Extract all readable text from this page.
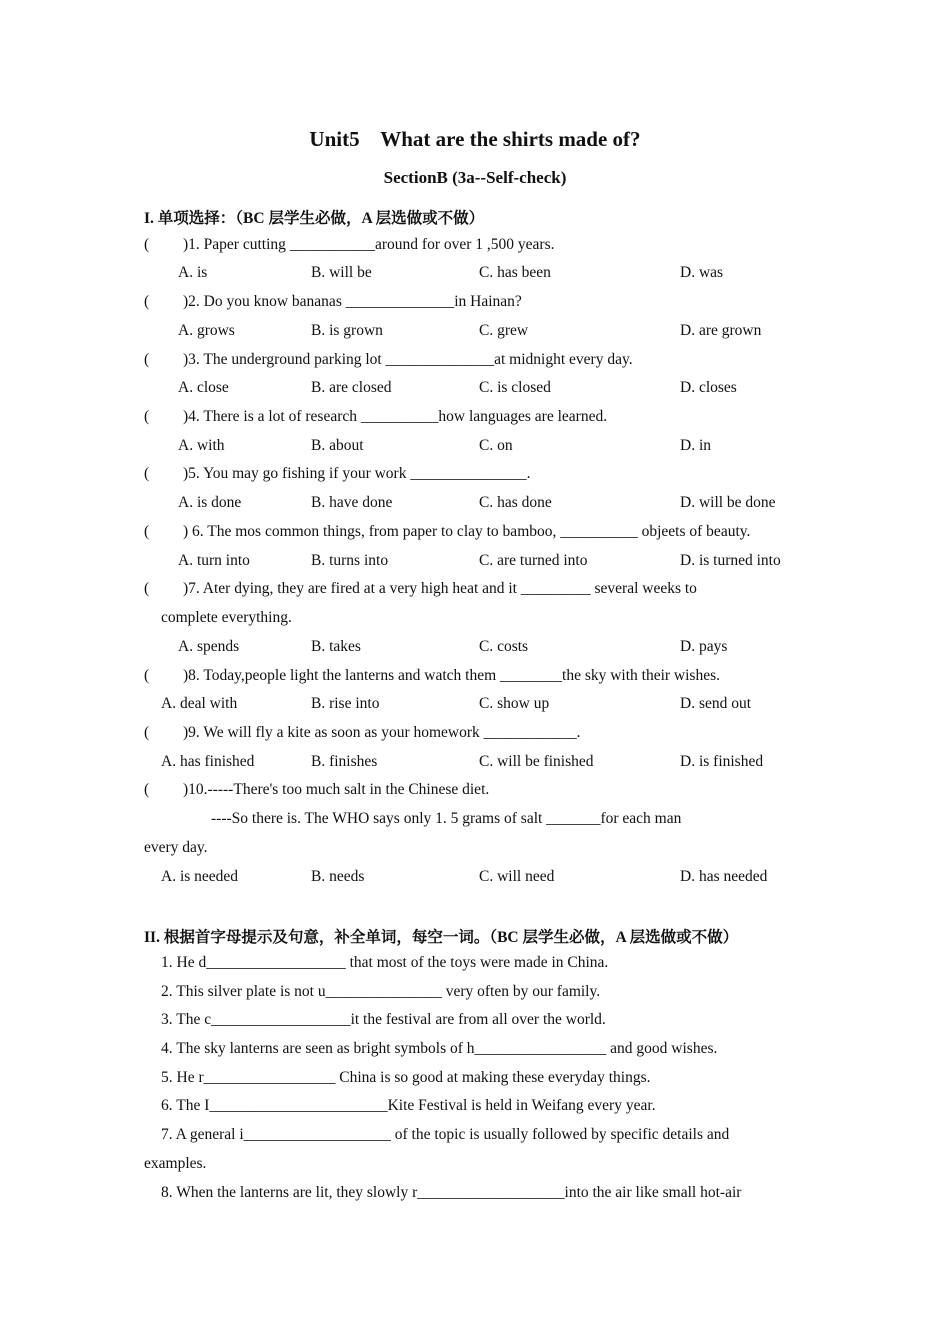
Unit5    What are the shirts made of?
SectionB (3a--Self-check)
I. 单项选择：（BC 层学生必做，A 层选做或不做）
( )1. Paper cutting ___________around for over 1 ,500 years.
A. is	B. will be	C. has been	D. was
( )2. Do you know bananas ______________in Hainan?
A. grows	B. is grown	C. grew	D. are grown
( )3. The underground parking lot ______________at midnight every day.
A. close	B. are closed	C. is closed	D. closes
( )4. There is a lot of research __________how languages are learned.
A. with	B. about	C. on	D. in
( )5. You may go fishing if your work _______________.
A. is done	B. have done	C. has done	D. will be done
( ) 6. The mos common things, from paper to clay to bamboo, __________ objeets of beauty.
A. turn into	B. turns into	C. are turned into	D. is turned into
( )7. Ater dying, they are fired at a very high heat and it _________ several weeks to
complete everything.
A. spends	B. takes	C. costs	D. pays
( )8. Today,people light the lanterns and watch them ________the sky with their wishes.
A. deal with	B. rise into	C. show up	D. send out
( )9. We will fly a kite as soon as your homework ____________.
A. has finished	B. finishes	C. will be finished	D. is finished
( )10.-----There's too much salt in the Chinese diet.
----So there is. The WHO says only 1. 5 grams of salt _______for each man
every day.
A. is needed	B. needs	C. will need	D. has needed
II. 根据首字母提示及句意，补全单词，每空一词。（BC 层学生必做，A 层选做或不做）
1. He d__________________ that most of the toys were made in China.
2. This silver plate is not u_______________ very often by our family.
3. The c__________________it the festival are from all over the world.
4. The sky lanterns are seen as bright symbols of h_________________ and good wishes.
5. He r_________________ China is so good at making these everyday things.
6. The I_______________________Kite Festival is held in Weifang every year.
7. A general i___________________ of the topic is usually followed by specific details and
examples.
8. When the lanterns are lit, they slowly r___________________into the air like small hot-air
